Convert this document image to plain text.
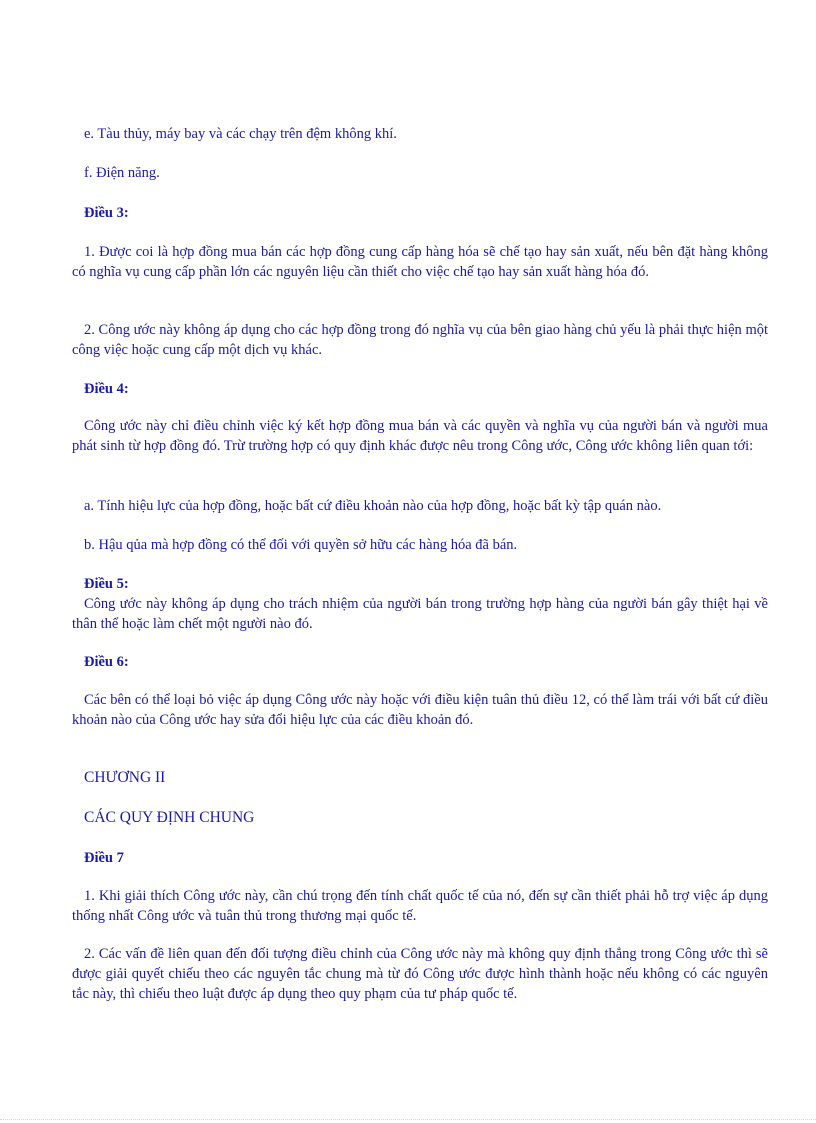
e. Tàu thủy, máy bay và các chạy trên đệm không khí.
f. Điện năng.
Điều 3:
1. Được coi là hợp đồng mua bán các hợp đồng cung cấp hàng hóa sẽ chế tạo hay sản xuất, nếu bên đặt hàng không có nghĩa vụ cung cấp phần lớn các nguyên liệu cần thiết cho việc chế tạo hay sản xuất hàng hóa đó.
2. Công ước này không áp dụng cho các hợp đồng trong đó nghĩa vụ của bên giao hàng chủ yếu là phải thực hiện một công việc hoặc cung cấp một dịch vụ khác.
Điều 4:
Công ước này chỉ điều chỉnh việc ký kết hợp đồng mua bán và các quyền và nghĩa vụ của người bán và người mua phát sinh từ hợp đồng đó. Trừ trường hợp có quy định khác được nêu trong Công ước, Công ước không liên quan tới:
a. Tính hiệu lực của hợp đồng, hoặc bất cứ điều khoản nào của hợp đồng, hoặc bất kỳ tập quán nào.
b. Hậu qủa mà hợp đồng có thể đối với quyền sở hữu các hàng hóa đã bán.
Điều 5:
Công ước này không áp dụng cho trách nhiệm của người bán trong trường hợp hàng của người bán gây thiệt hại về thân thể hoặc làm chết một người nào đó.
Điều 6:
Các bên có thể loại bỏ việc áp dụng Công ước này hoặc với điều kiện tuân thủ điều 12, có thể làm trái với bất cứ điều khoản nào của Công ước hay sửa đổi hiệu lực của các điều khoản đó.
CHƯƠNG II
CÁC QUY ĐỊNH CHUNG
Điều 7
1. Khi giải thích Công ước này, cần chú trọng đến tính chất quốc tế của nó, đến sự cần thiết phải hỗ trợ việc áp dụng thống nhất Công ước và tuân thủ trong thương mại quốc tế.
2. Các vấn đề liên quan đến đối tượng điều chỉnh của Công ước này mà không quy định thẳng trong Công ước thì sẽ được giải quyết chiếu theo các nguyên tắc chung mà từ đó Công ước được hình thành hoặc nếu không có các nguyên tắc này, thì chiếu theo luật được áp dụng theo quy phạm của tư pháp quốc tế.
